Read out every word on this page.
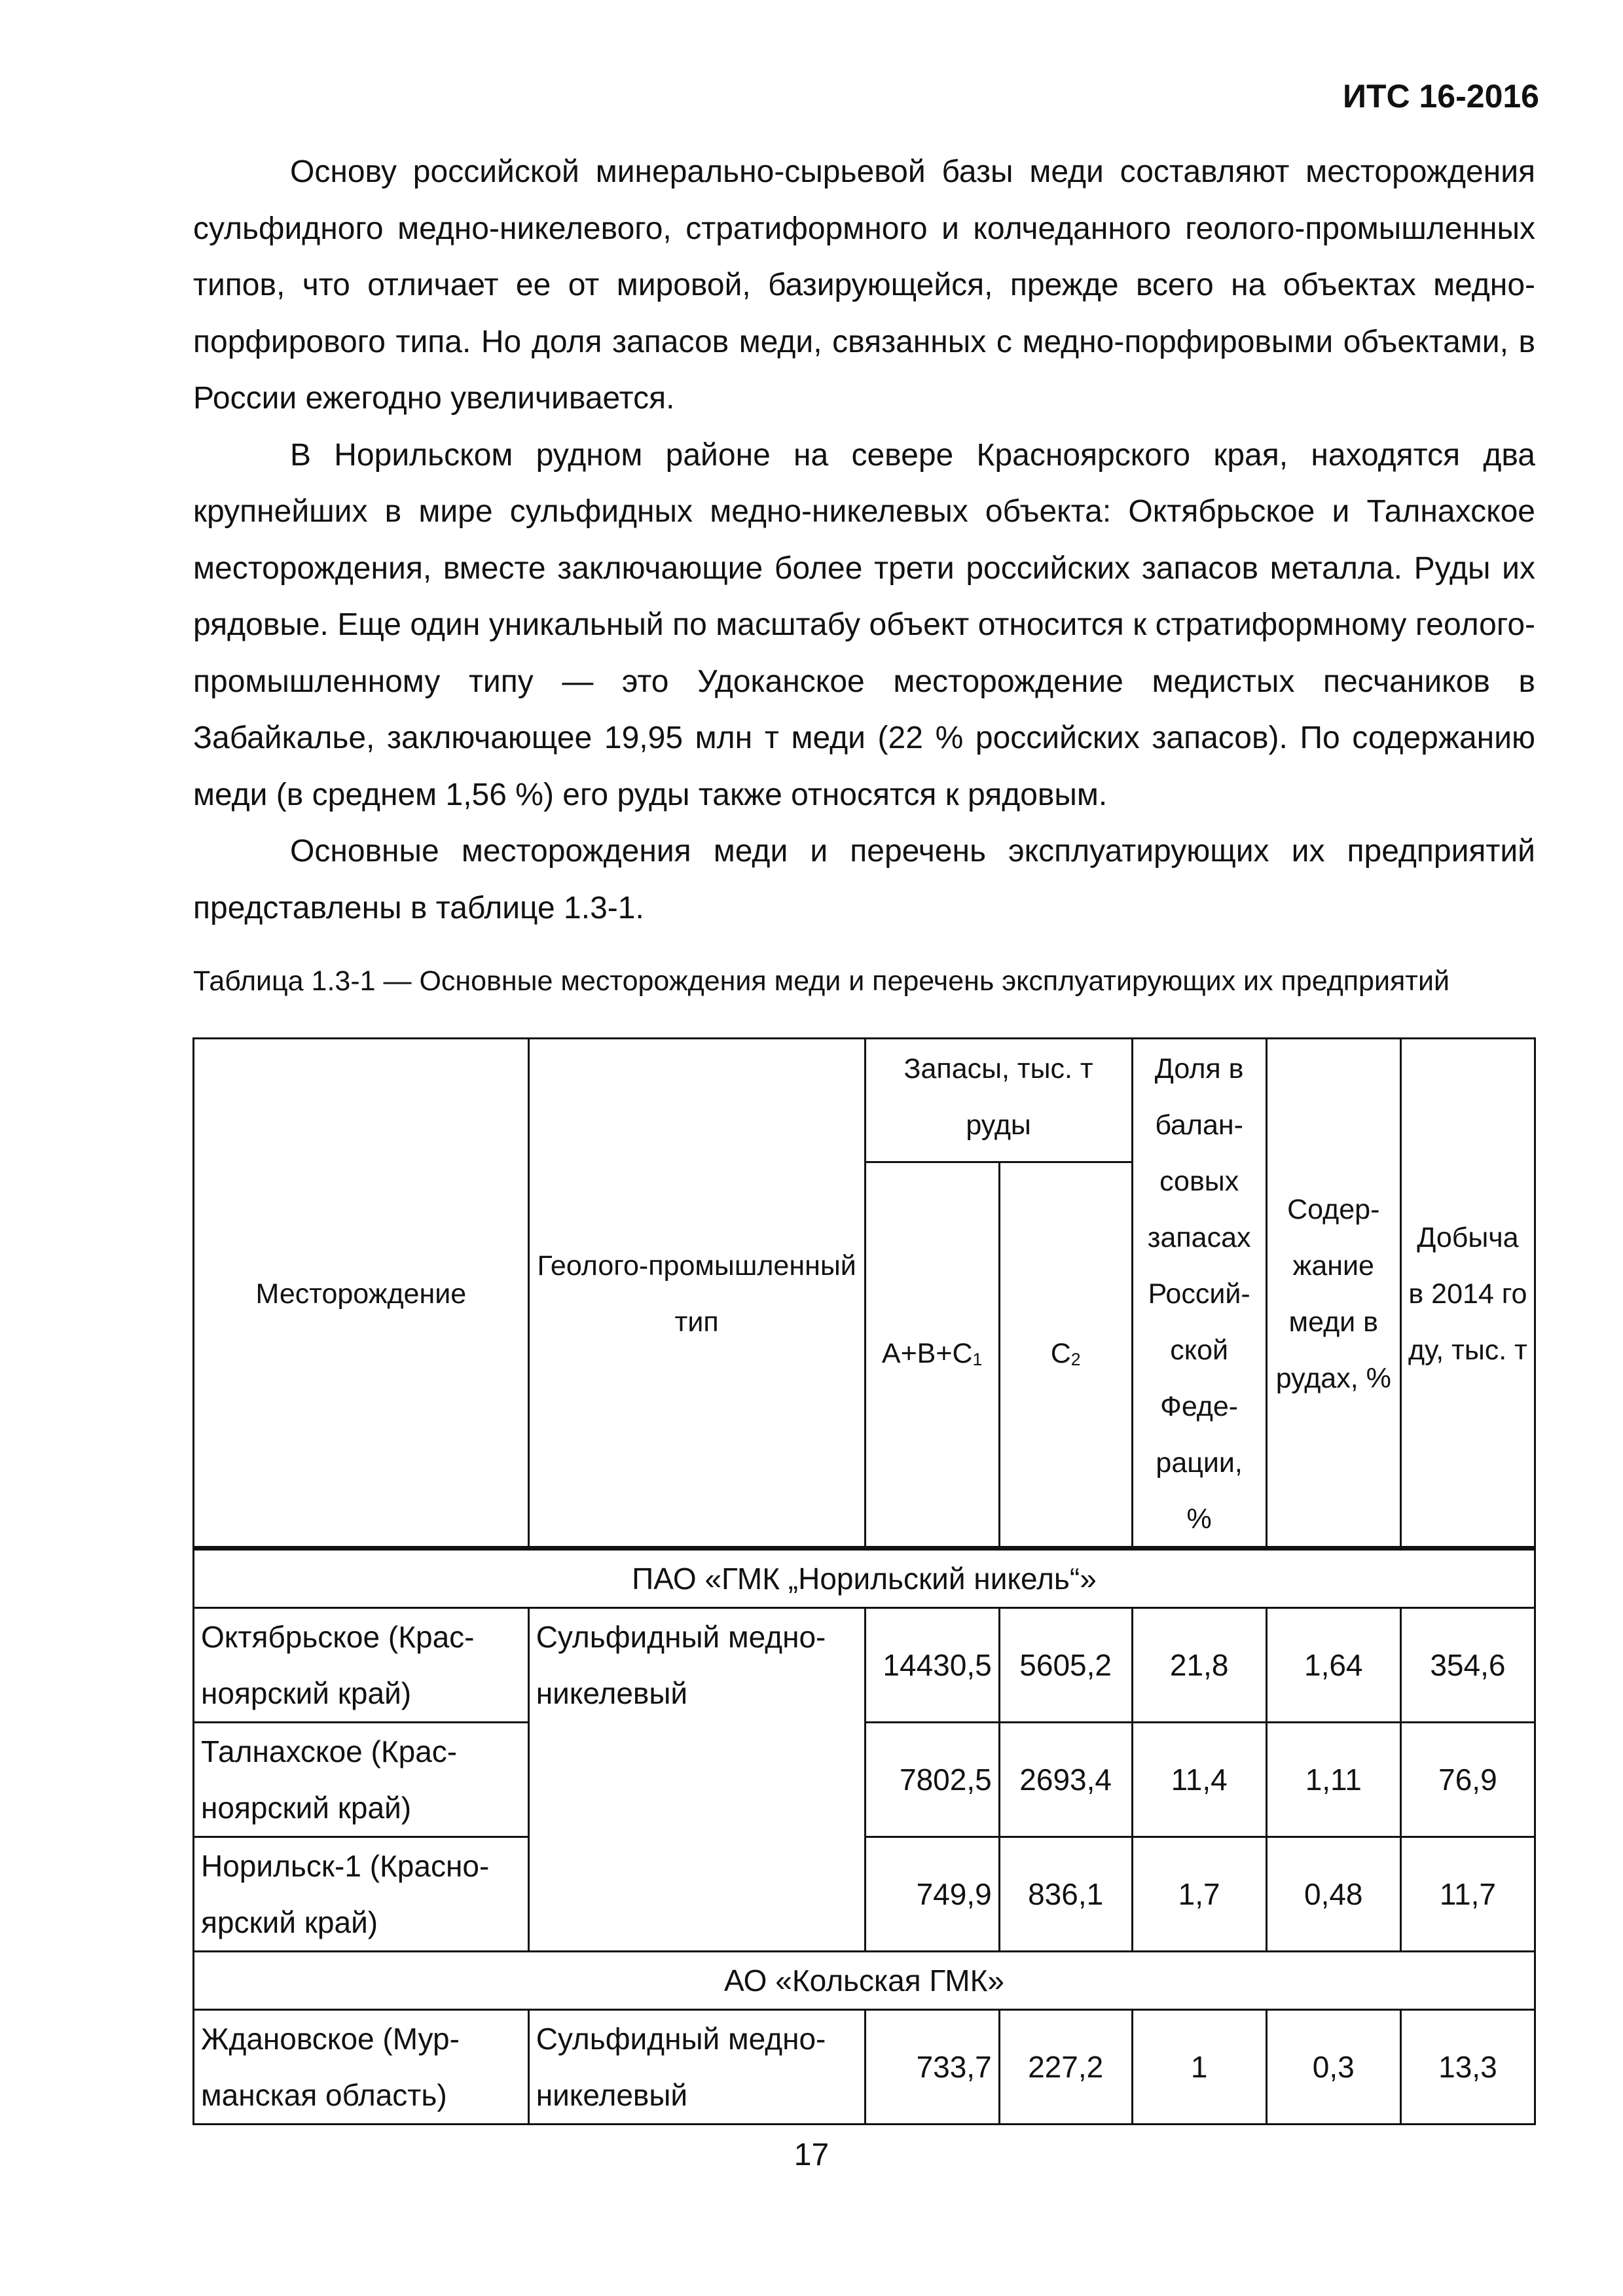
ИТС 16-2016

Основу российской минерально-сырьевой базы меди составляют месторождения сульфидного медно-никелевого, стратиформного и колчеданного геолого-промышленных типов, что отличает ее от мировой, базирующейся, прежде всего на объектах медно-порфирового типа. Но доля запасов меди, связанных с медно-порфировыми объектами, в России ежегодно увеличивается.

В Норильском рудном районе на севере Красноярского края, находятся два крупнейших в мире сульфидных медно-никелевых объекта: Октябрьское и Талнахское месторождения, вместе заключающие более трети российских запасов металла. Руды их рядовые. Еще один уникальный по масштабу объект относится к стратиформному геолого-промышленному типу — это Удоканское месторождение медистых песчаников в Забайкалье, заключающее 19,95 млн т меди (22 % российских запасов). По содержанию меди (в среднем 1,56 %) его руды также относятся к рядовым.

Основные месторождения меди и перечень эксплуатирующих их предприятий представлены в таблице 1.3-1.

Таблица 1.3-1 — Основные месторождения меди и перечень эксплуатирующих их предприятий
Месторождение	Геолого-промышленный тип	Запасы, тыс. т руды		Доля в балан-совых запасах Россий-ской Феде-рации, %	Содер-жание меди в рудах, %	Добыча в 2014 го ду, тыс. т
		$А+В+С_1$	$С_2$
ПАО «ГМК „Норильский никель“»						
Октябрьское (Крас-ноярский край)	Сульфидный медно-никелевый	14430,5	5605,2	21,8	1,64	354,6
Талнахское (Крас-ноярский край)		7802,5	2693,4	11,4	1,11	76,9
Норильск-1 (Красно-ярский край)		749,9	836,1	1,7	0,48	11,7
АО «Кольская ГМК»						
Ждановское (Мур-манская область)	Сульфидный медно-никелевый	733,7	227,2	1	0,3	13,3
17
